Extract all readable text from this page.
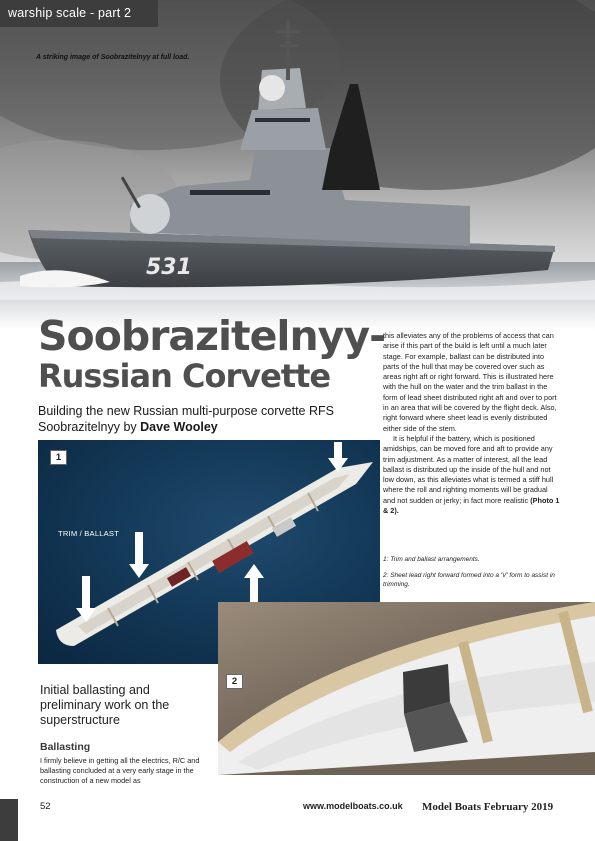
531
warship scale - part 2
A striking image of Soobrazitelnyy at full load.
Soobrazitelnyy-
Russian Corvette
Building the new Russian multi-purpose corvette RFS Soobrazitelnyy by Dave Wooley

this alleviates any of the problems of access that can arise if this part of the build is left until a much later stage. For example, ballast can be distributed into parts of the hull that may be covered over such as areas right aft or right forward. This is illustrated here with the hull on the water and the trim ballast in the form of lead sheet distributed right aft and over to port in an area that will be covered by the flight deck. Also, right forward where sheet lead is evenly distributed either side of the stem.

It is helpful if the battery, which is positioned amidships, can be moved fore and aft to provide any trim adjustment. As a matter of interest, all the lead ballast is distributed up the inside of the hull and not low down, as this alleviates what is termed a stiff hull where the roll and righting moments will be gradual and not sudden or jerky; in fact more realistic (Photo 1 & 2).

1: Trim and ballast arrangements.
2: Sheet lead right forward formed into a 'V' form to assist in trimming.
1
TRIM / BALLAST
2
Initial ballasting and preliminary work on the superstructure
Ballasting
I firmly believe in getting all the electrics, R/C and ballasting concluded at a very early stage in the construction of a new model as
52	www.modelboats.co.uk Model Boats February 2019
